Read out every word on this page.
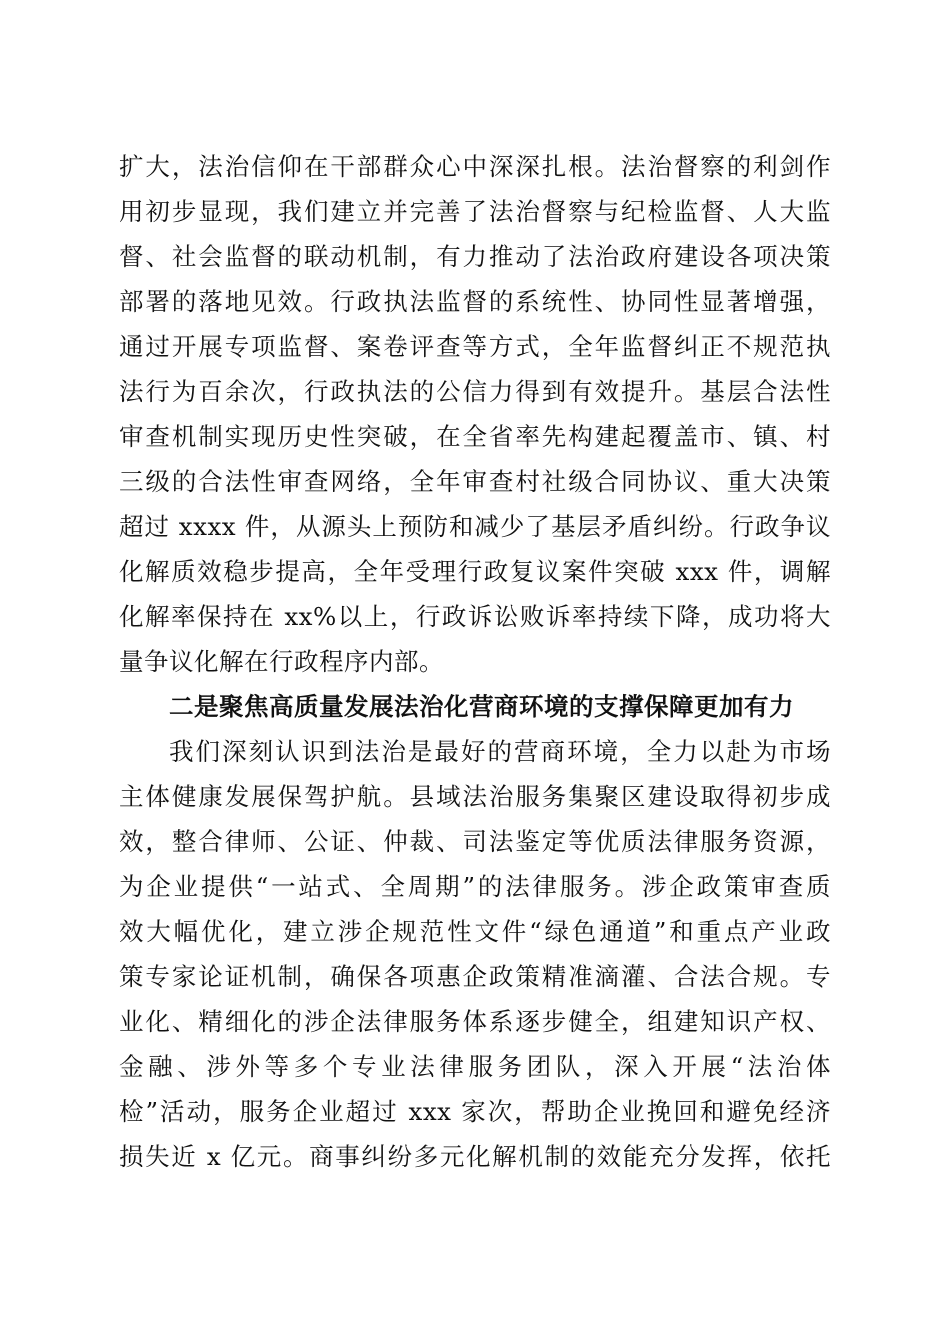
扩大，法治信仰在干部群众心中深深扎根。法治督察的利剑作
用初步显现，我们建立并完善了法治督察与纪检监督、人大监
督、社会监督的联动机制，有力推动了法治政府建设各项决策
部署的落地见效。行政执法监督的系统性、协同性显著增强，
通过开展专项监督、案卷评查等方式，全年监督纠正不规范执
法行为百余次，行政执法的公信力得到有效提升。基层合法性
审查机制实现历史性突破，在全省率先构建起覆盖市、镇、村
三级的合法性审查网络，全年审查村社级合同协议、重大决策
超过 xxxx 件，从源头上预防和减少了基层矛盾纠纷。行政争议
化解质效稳步提高，全年受理行政复议案件突破 xxx 件，调解
化解率保持在 xx%以上，行政诉讼败诉率持续下降，成功将大
量争议化解在行政程序内部。
二是聚焦高质量发展法治化营商环境的支撑保障更加有力
我们深刻认识到法治是最好的营商环境，全力以赴为市场
主体健康发展保驾护航。县域法治服务集聚区建设取得初步成
效，整合律师、公证、仲裁、司法鉴定等优质法律服务资源，
为企业提供“一站式、全周期”的法律服务。涉企政策审查质
效大幅优化，建立涉企规范性文件“绿色通道”和重点产业政
策专家论证机制，确保各项惠企政策精准滴灌、合法合规。专
业化、精细化的涉企法律服务体系逐步健全，组建知识产权、
金融、涉外等多个专业法律服务团队，深入开展“法治体
检”活动，服务企业超过 xxx 家次，帮助企业挽回和避免经济
损失近 x 亿元。商事纠纷多元化解机制的效能充分发挥，依托
